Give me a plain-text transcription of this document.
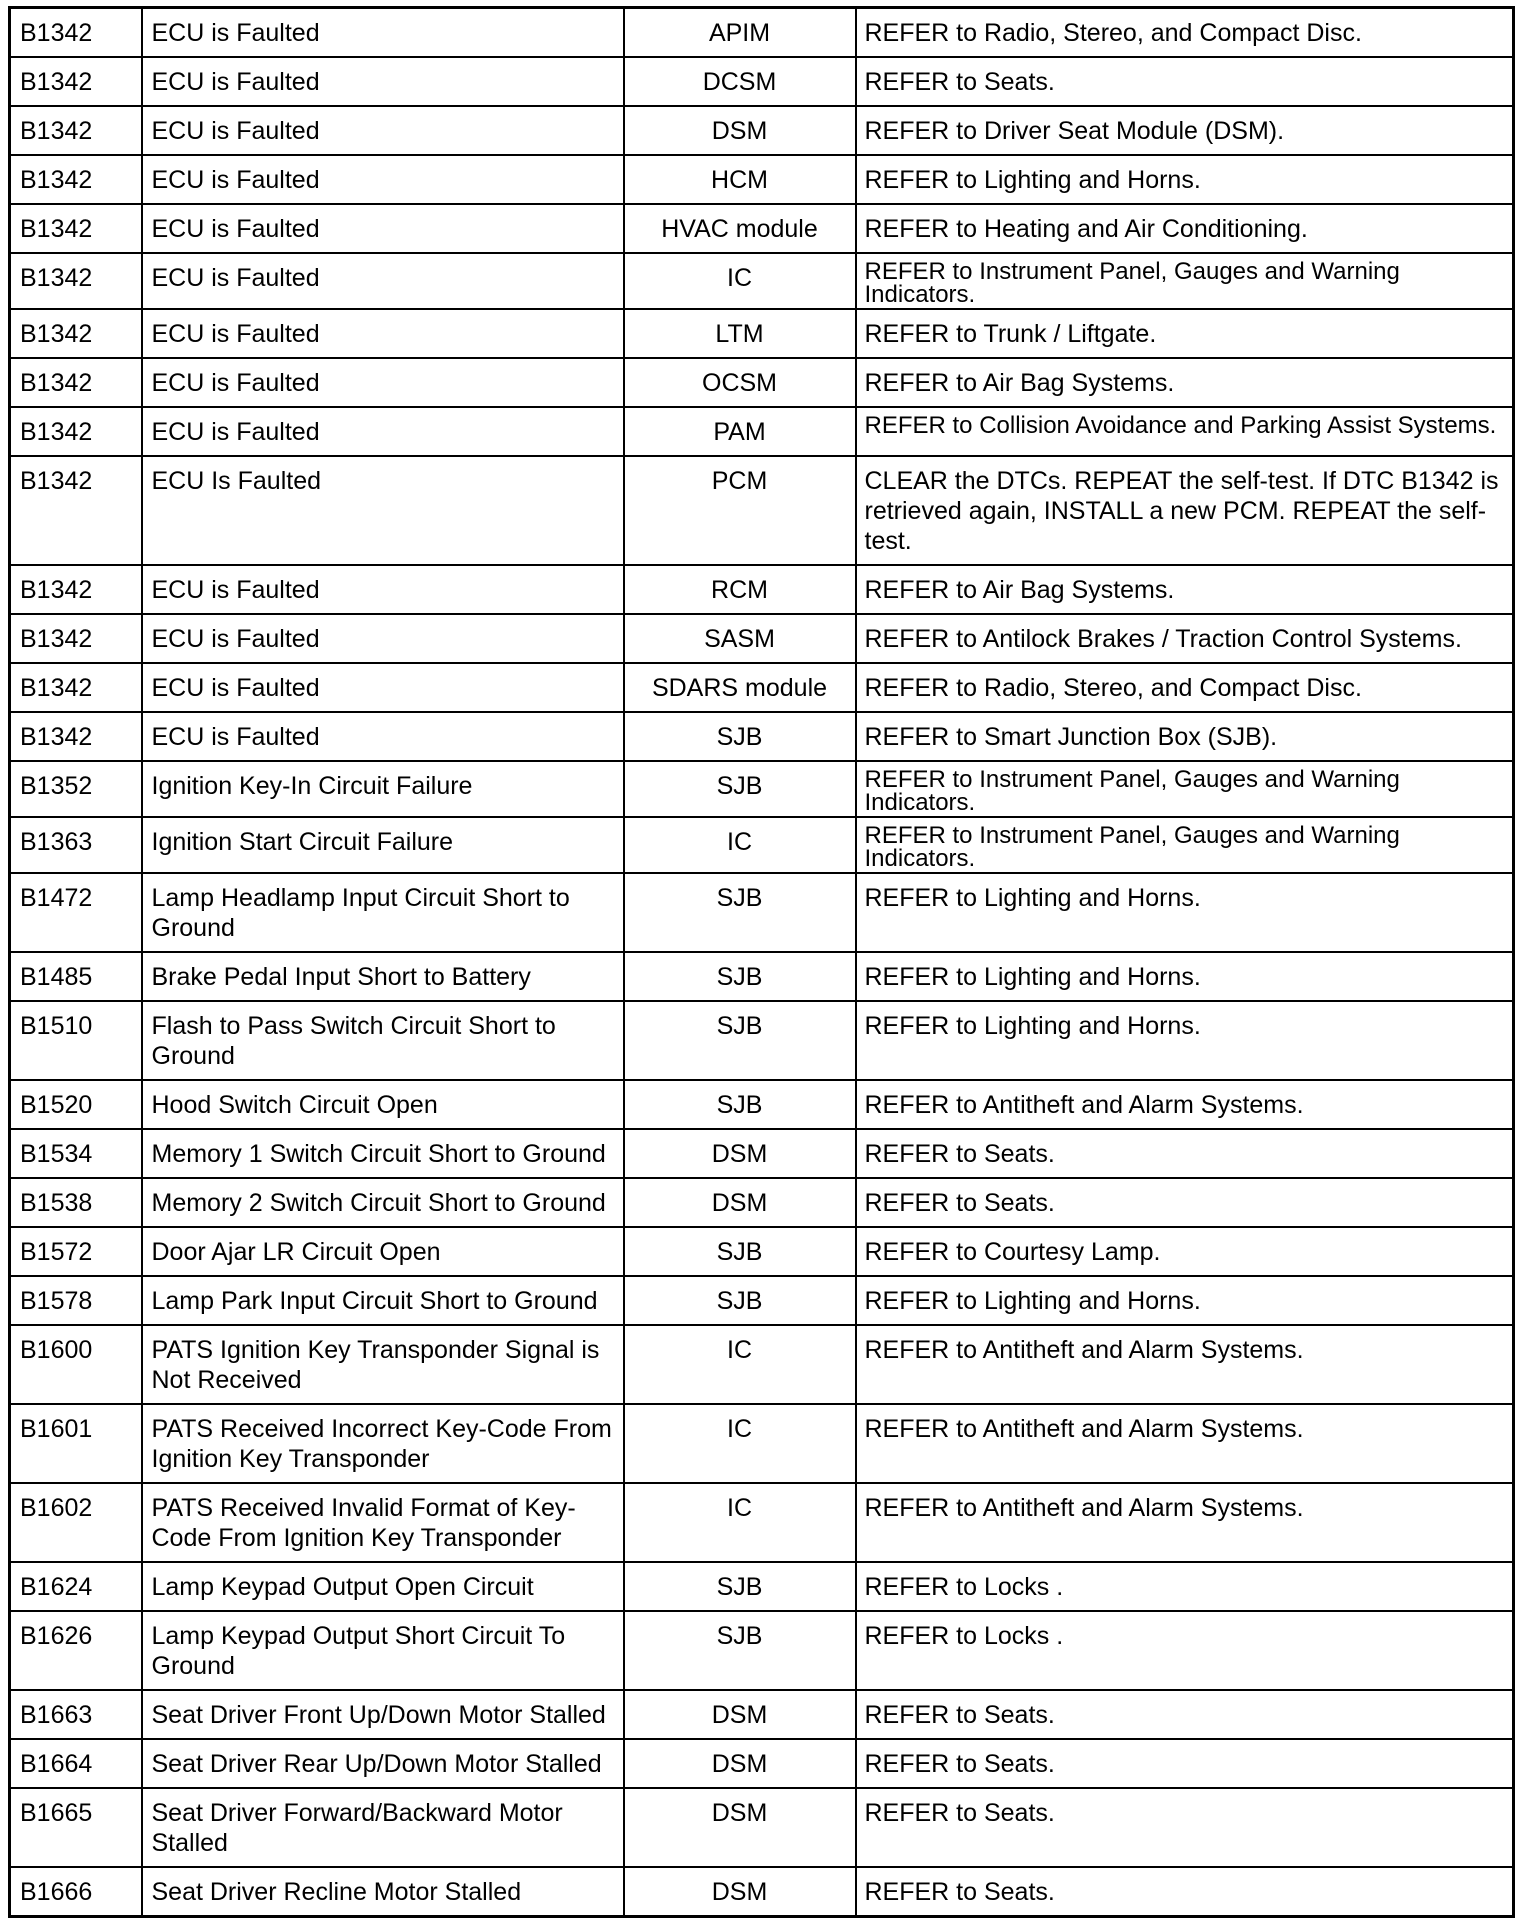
B1342	ECU is Faulted	APIM	REFER to Radio, Stereo, and Compact Disc.
B1342	ECU is Faulted	DCSM	REFER to Seats.
B1342	ECU is Faulted	DSM	REFER to Driver Seat Module (DSM).
B1342	ECU is Faulted	HCM	REFER to Lighting and Horns.
B1342	ECU is Faulted	HVAC module	REFER to Heating and Air Conditioning.
B1342	ECU is Faulted	IC	REFER to Instrument Panel, Gauges and Warning Indicators.
B1342	ECU is Faulted	LTM	REFER to Trunk / Liftgate.
B1342	ECU is Faulted	OCSM	REFER to Air Bag Systems.
B1342	ECU is Faulted	PAM	REFER to Collision Avoidance and Parking Assist Systems.
B1342	ECU Is Faulted	PCM	CLEAR the DTCs. REPEAT the self-test. If DTC B1342 is retrieved again, INSTALL a new PCM. REPEAT the self-test.
B1342	ECU is Faulted	RCM	REFER to Air Bag Systems.
B1342	ECU is Faulted	SASM	REFER to Antilock Brakes / Traction Control Systems.
B1342	ECU is Faulted	SDARS module	REFER to Radio, Stereo, and Compact Disc.
B1342	ECU is Faulted	SJB	REFER to Smart Junction Box (SJB).
B1352	Ignition Key-In Circuit Failure	SJB	REFER to Instrument Panel, Gauges and Warning Indicators.
B1363	Ignition Start Circuit Failure	IC	REFER to Instrument Panel, Gauges and Warning Indicators.
B1472	Lamp Headlamp Input Circuit Short to Ground	SJB	REFER to Lighting and Horns.
B1485	Brake Pedal Input Short to Battery	SJB	REFER to Lighting and Horns.
B1510	Flash to Pass Switch Circuit Short to Ground	SJB	REFER to Lighting and Horns.
B1520	Hood Switch Circuit Open	SJB	REFER to Antitheft and Alarm Systems.
B1534	Memory 1 Switch Circuit Short to Ground	DSM	REFER to Seats.
B1538	Memory 2 Switch Circuit Short to Ground	DSM	REFER to Seats.
B1572	Door Ajar LR Circuit Open	SJB	REFER to Courtesy Lamp.
B1578	Lamp Park Input Circuit Short to Ground	SJB	REFER to Lighting and Horns.
B1600	PATS Ignition Key Transponder Signal is Not Received	IC	REFER to Antitheft and Alarm Systems.
B1601	PATS Received Incorrect Key-Code From Ignition Key Transponder	IC	REFER to Antitheft and Alarm Systems.
B1602	PATS Received Invalid Format of Key-Code From Ignition Key Transponder	IC	REFER to Antitheft and Alarm Systems.
B1624	Lamp Keypad Output Open Circuit	SJB	REFER to Locks .
B1626	Lamp Keypad Output Short Circuit To Ground	SJB	REFER to Locks .
B1663	Seat Driver Front Up/Down Motor Stalled	DSM	REFER to Seats.
B1664	Seat Driver Rear Up/Down Motor Stalled	DSM	REFER to Seats.
B1665	Seat Driver Forward/Backward Motor Stalled	DSM	REFER to Seats.
B1666	Seat Driver Recline Motor Stalled	DSM	REFER to Seats.
